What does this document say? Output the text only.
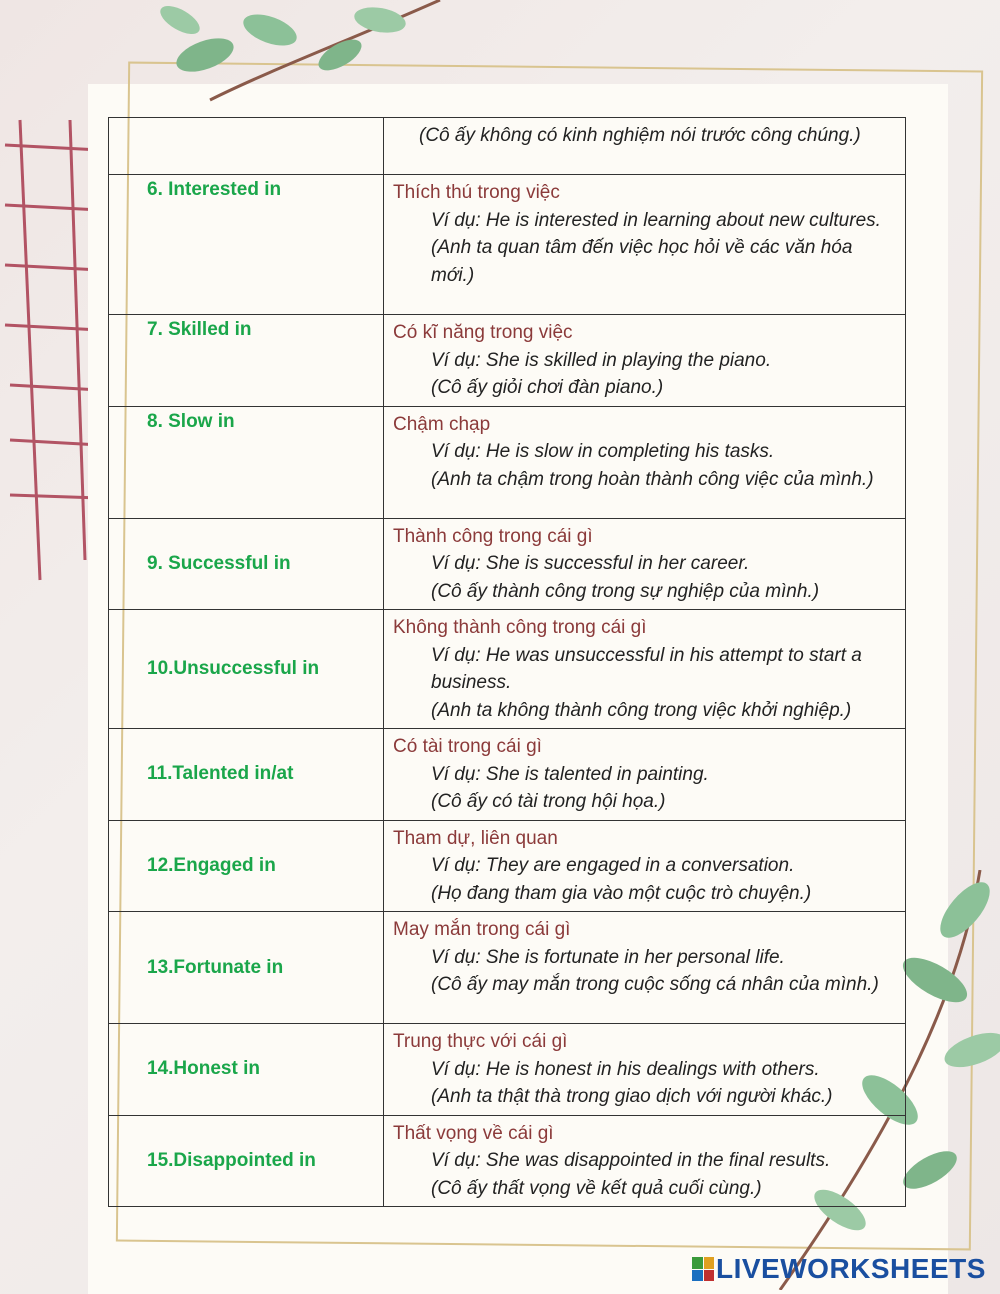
	(Cô ấy không có kinh nghiệm nói trước công chúng.)

6. Interested in	Thích thú trong việc
Ví dụ: He is interested in learning about new cultures.
(Anh ta quan tâm đến việc học hỏi về các văn hóa mới.)

7. Skilled in	Có kĩ năng trong việc
Ví dụ: She is skilled in playing the piano.
(Cô ấy giỏi chơi đàn piano.)

8. Slow in	Chậm chạp
Ví dụ: He is slow in completing his tasks.
(Anh ta chậm trong hoàn thành công việc của mình.)

9. Successful in	Thành công trong cái gì
Ví dụ: She is successful in her career.
(Cô ấy thành công trong sự nghiệp của mình.)

10.Unsuccessful in	Không thành công trong cái gì
Ví dụ: He was unsuccessful in his attempt to start a business.
(Anh ta không thành công trong việc khởi nghiệp.)

11.Talented in/at	Có tài trong cái gì
Ví dụ: She is talented in painting.
(Cô ấy có tài trong hội họa.)

12.Engaged in	Tham dự, liên quan
Ví dụ: They are engaged in a conversation.
(Họ đang tham gia vào một cuộc trò chuyện.)

13.Fortunate in	May mắn trong cái gì
Ví dụ: She is fortunate in her personal life.
(Cô ấy may mắn trong cuộc sống cá nhân của mình.)

14.Honest in	Trung thực với cái gì
Ví dụ: He is honest in his dealings with others.
(Anh ta thật thà trong giao dịch với người khác.)

15.Disappointed in	Thất vọng về cái gì
Ví dụ: She was disappointed in the final results.
(Cô ấy thất vọng về kết quả cuối cùng.)
LIVEWORKSHEETS
